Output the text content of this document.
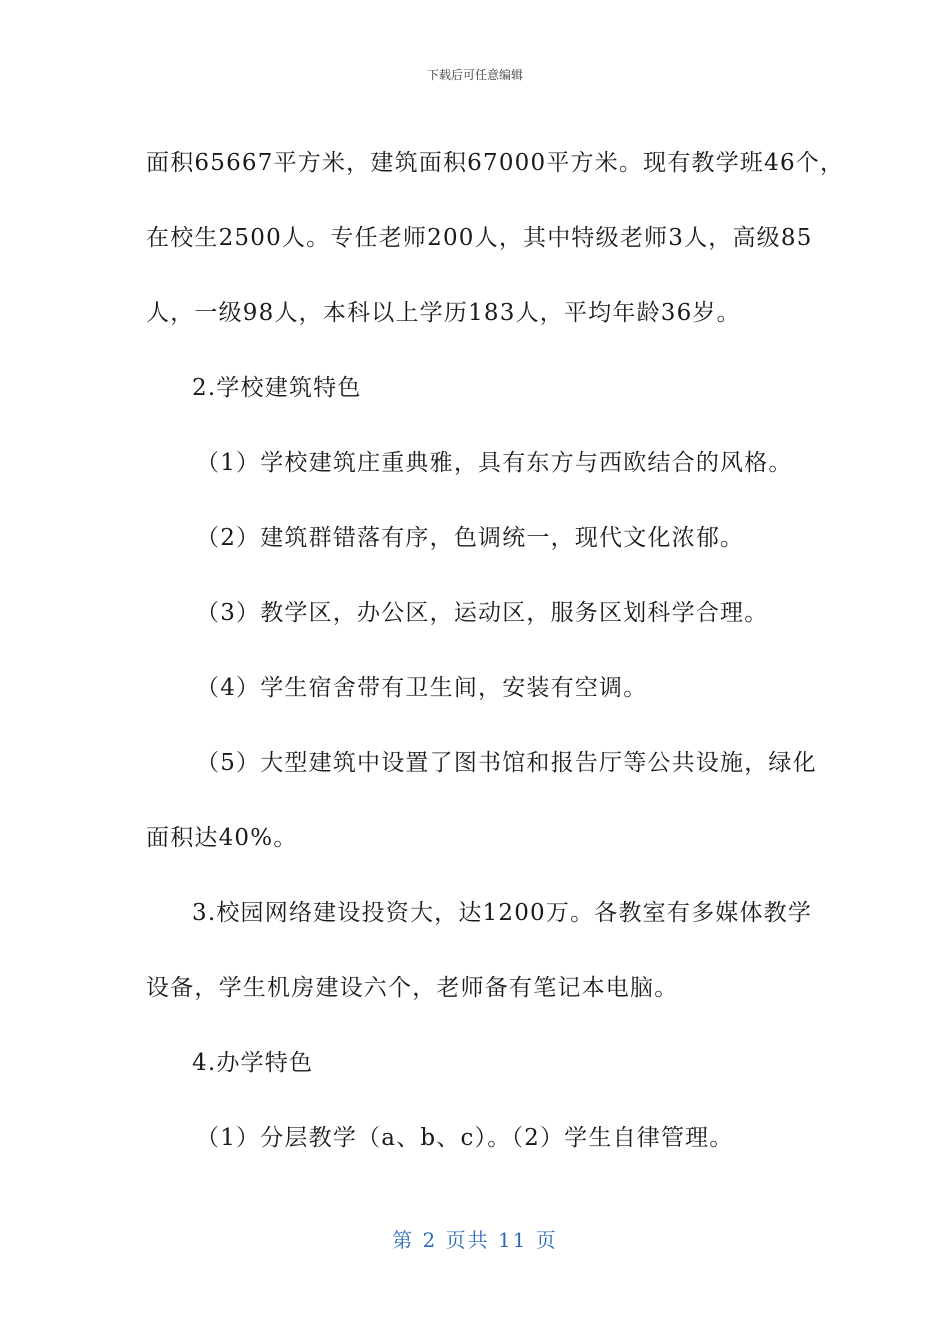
下载后可任意编辑
面积65667平方米，建筑面积67000平方米。现有教学班46个，
在校生2500人。专任老师200人，其中特级老师3人，高级85
人，一级98人，本科以上学历183人，平均年龄36岁。
2.学校建筑特色
（1）学校建筑庄重典雅，具有东方与西欧结合的风格。
（2）建筑群错落有序，色调统一，现代文化浓郁。
（3）教学区，办公区，运动区，服务区划科学合理。
（4）学生宿舍带有卫生间，安装有空调。
（5）大型建筑中设置了图书馆和报告厅等公共设施，绿化
面积达40%。
3.校园网络建设投资大，达1200万。各教室有多媒体教学
设备，学生机房建设六个，老师备有笔记本电脑。
4.办学特色
（1）分层教学（a、b、c）。（2）学生自律管理。
第 2 页共 11 页
